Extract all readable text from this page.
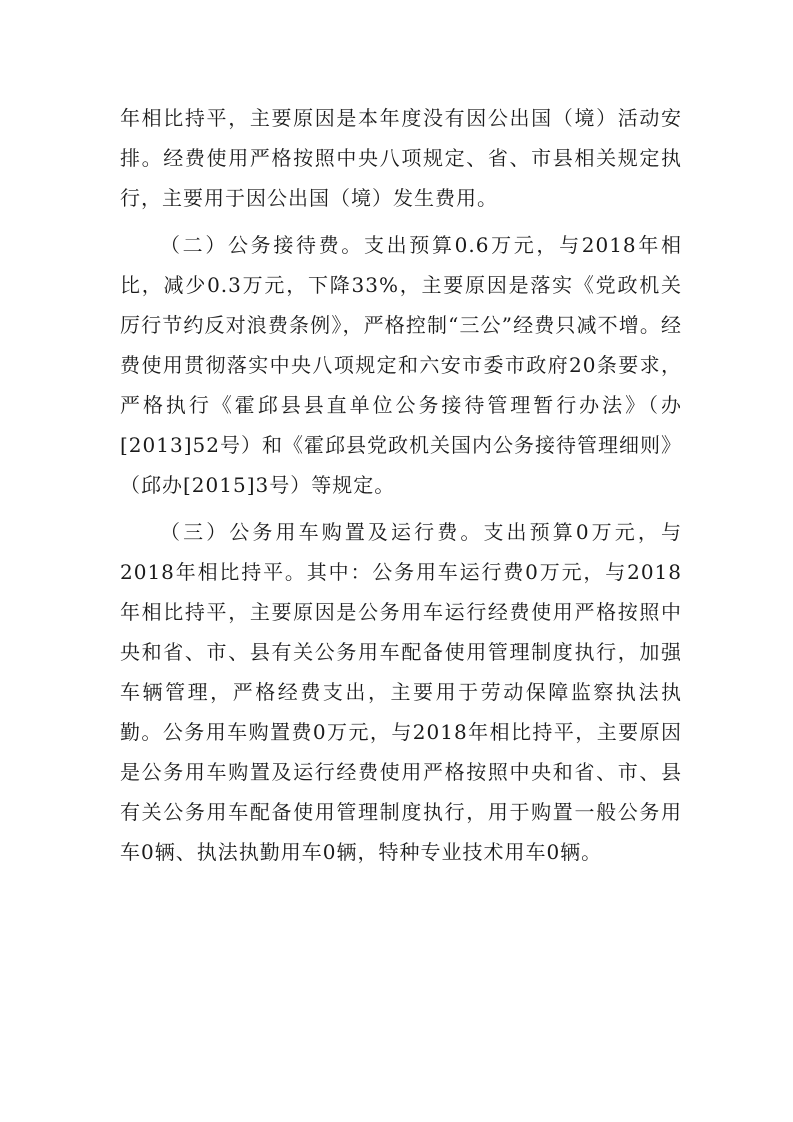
年相比持平，主要原因是本年度没有因公出国（境）活动安排。经费使用严格按照中央八项规定、省、市县相关规定执行，主要用于因公出国（境）发生费用。

（二）公务接待费。支出预算0.6万元，与2018年相比，减少0.3万元，下降33%，主要原因是落实《党政机关厉行节约反对浪费条例》，严格控制“三公”经费只减不增。经费使用贯彻落实中央八项规定和六安市委市政府20条要求，严格执行《霍邱县县直单位公务接待管理暂行办法》（办[2013]52号）和《霍邱县党政机关国内公务接待管理细则》（邱办[2015]3号）等规定。

（三）公务用车购置及运行费。支出预算0万元，与2018年相比持平。其中：公务用车运行费0万元，与2018年相比持平，主要原因是公务用车运行经费使用严格按照中央和省、市、县有关公务用车配备使用管理制度执行，加强车辆管理，严格经费支出，主要用于劳动保障监察执法执勤。公务用车购置费0万元，与2018年相比持平，主要原因是公务用车购置及运行经费使用严格按照中央和省、市、县有关公务用车配备使用管理制度执行，用于购置一般公务用车0辆、执法执勤用车0辆，特种专业技术用车0辆。
